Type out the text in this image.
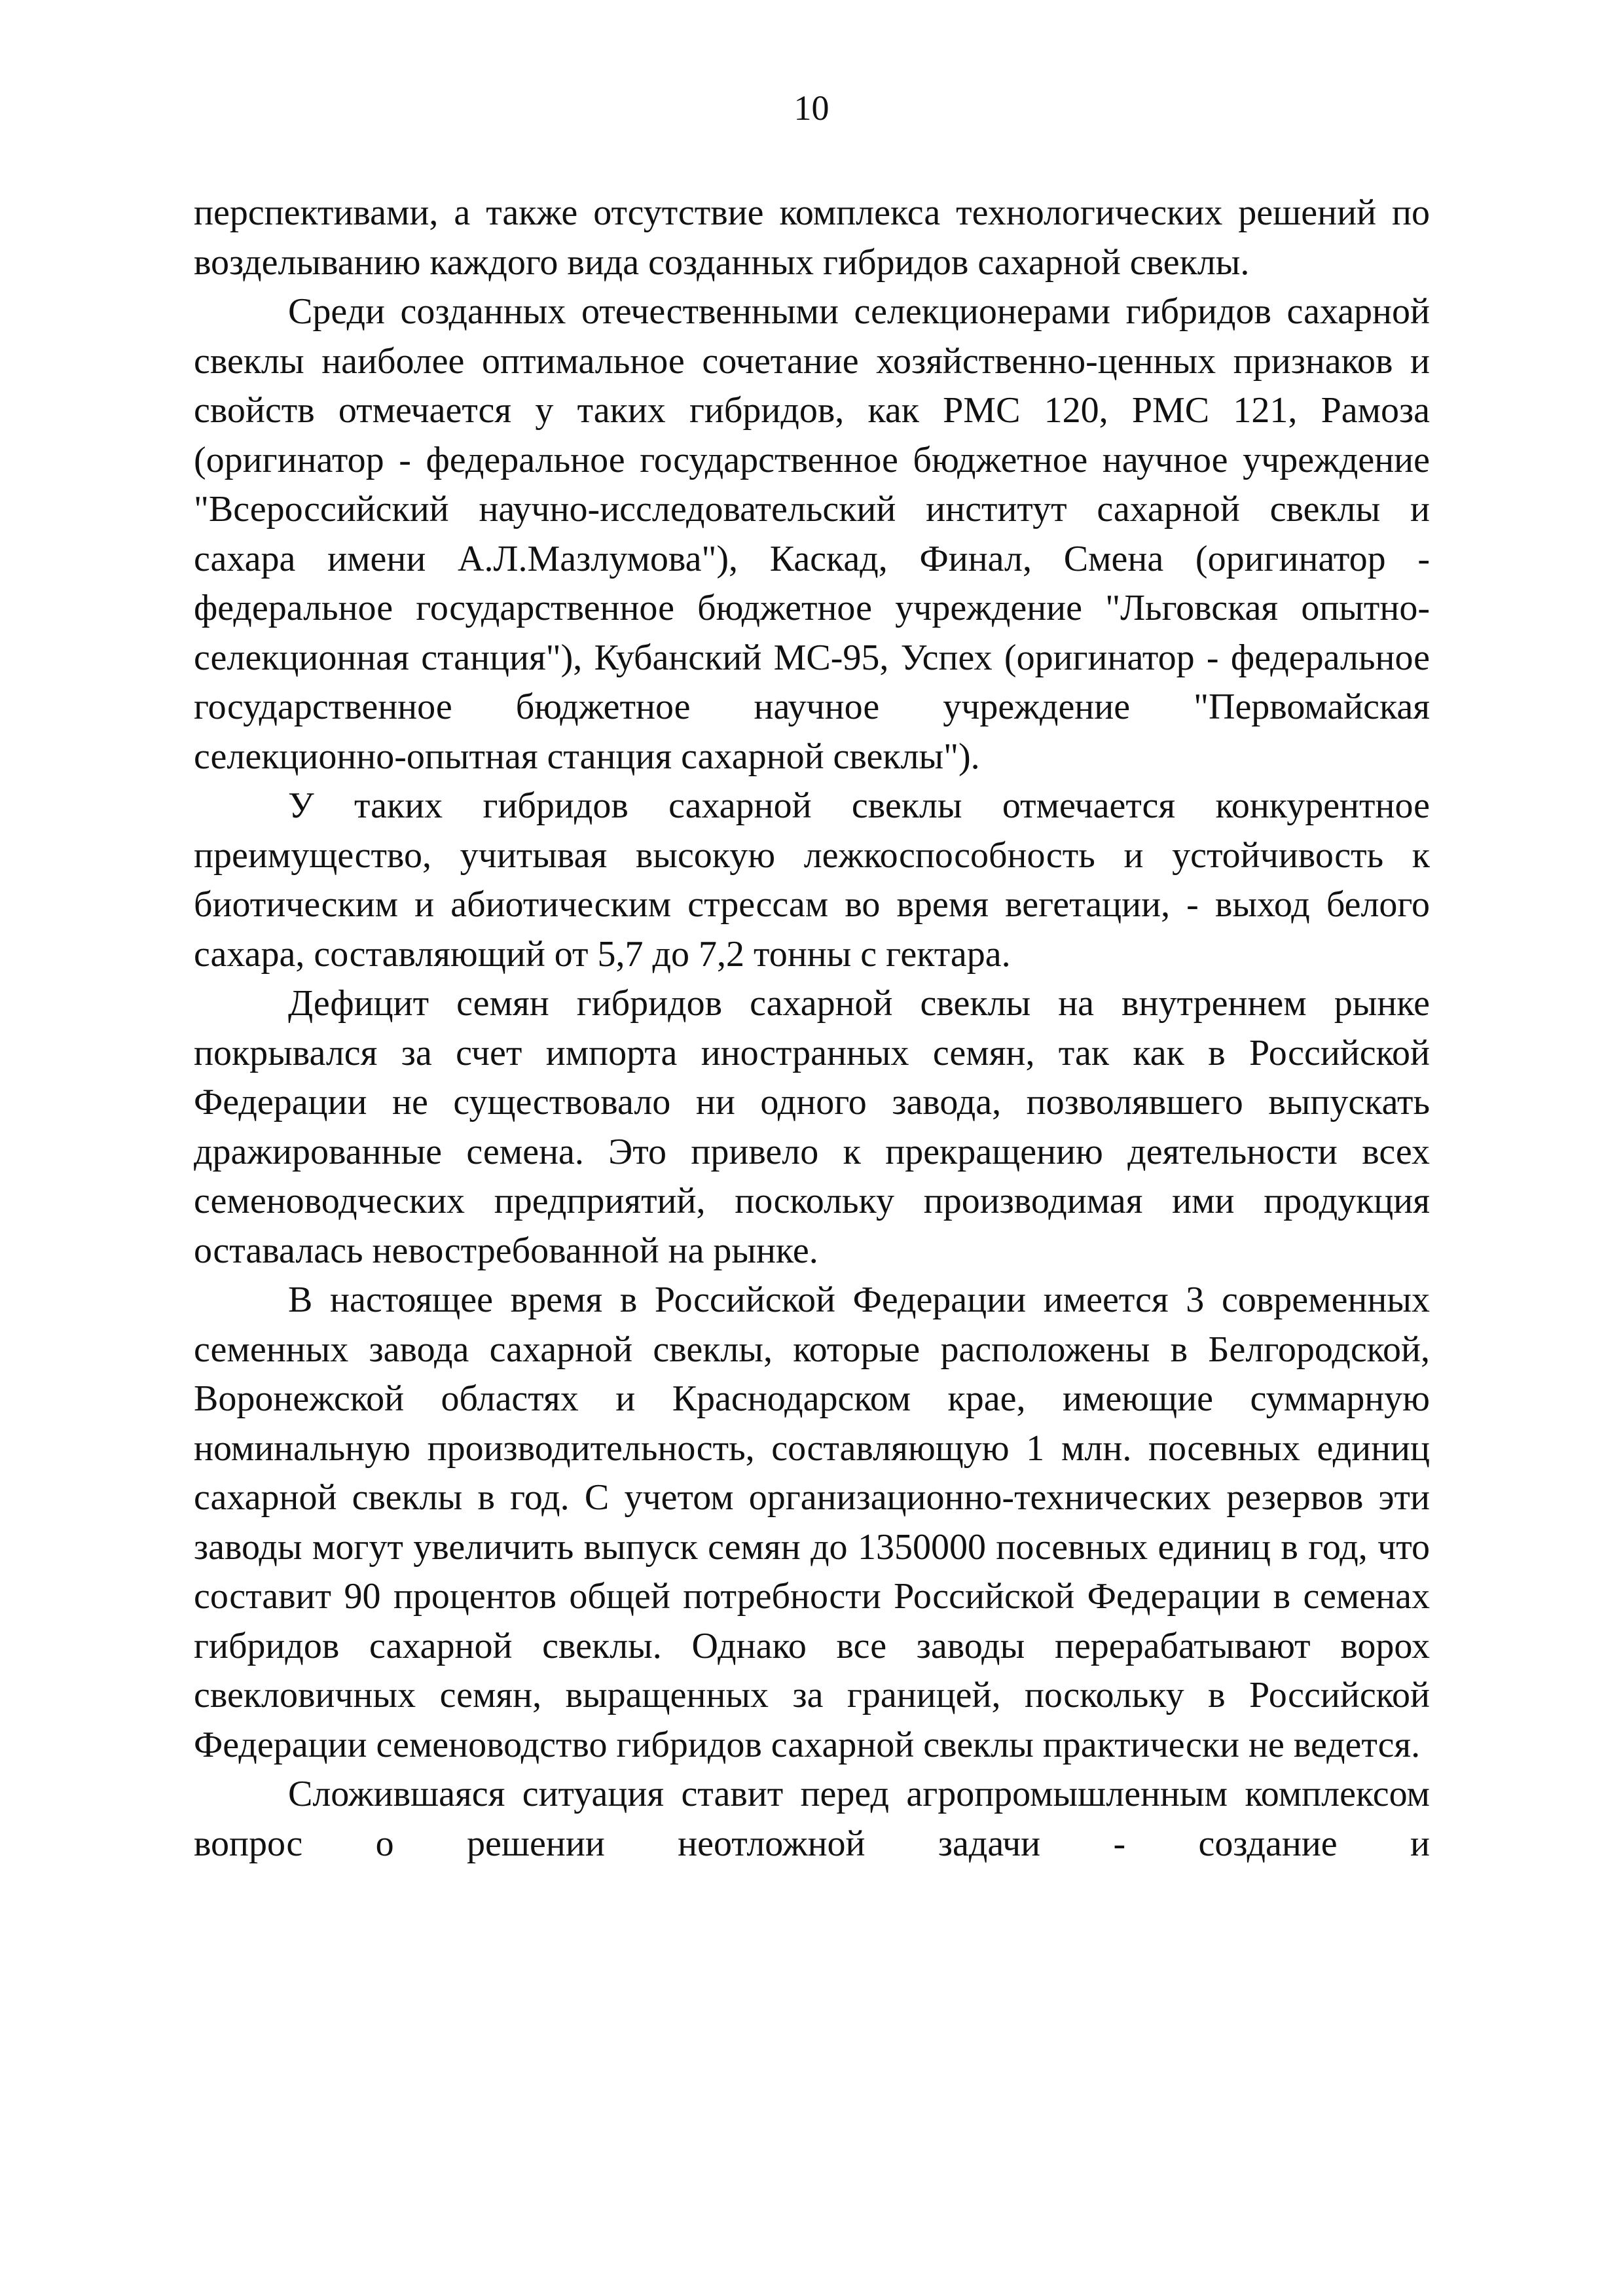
10

перспективами, а также отсутствие комплекса технологических решений по возделыванию каждого вида созданных гибридов сахарной свеклы.

Среди созданных отечественными селекционерами гибридов сахарной свеклы наиболее оптимальное сочетание хозяйственно-ценных признаков и свойств отмечается у таких гибридов, как РМС 120, РМС 121, Рамоза (оригинатор - федеральное государственное бюджетное научное учреждение "Всероссийский научно-исследовательский институт сахарной свеклы и сахара имени А.Л.Мазлумова"), Каскад, Финал, Смена (оригинатор - федеральное государственное бюджетное учреждение "Льговская опытно-селекционная станция"), Кубанский МС-95, Успех (оригинатор - федеральное государственное бюджетное научное учреждение "Первомайская селекционно-опытная станция сахарной свеклы").

У таких гибридов сахарной свеклы отмечается конкурентное преимущество, учитывая высокую лежкоспособность и устойчивость к биотическим и абиотическим стрессам во время вегетации, - выход белого сахара, составляющий от 5,7 до 7,2 тонны с гектара.

Дефицит семян гибридов сахарной свеклы на внутреннем рынке покрывался за счет импорта иностранных семян, так как в Российской Федерации не существовало ни одного завода, позволявшего выпускать дражированные семена. Это привело к прекращению деятельности всех семеноводческих предприятий, поскольку производимая ими продукция оставалась невостребованной на рынке.

В настоящее время в Российской Федерации имеется 3 современных семенных завода сахарной свеклы, которые расположены в Белгородской, Воронежской областях и Краснодарском крае, имеющие суммарную номинальную производительность, составляющую 1 млн. посевных единиц сахарной свеклы в год. С учетом организационно-технических резервов эти заводы могут увеличить выпуск семян до 1350000 посевных единиц в год, что составит 90 процентов общей потребности Российской Федерации в семенах гибридов сахарной свеклы. Однако все заводы перерабатывают ворох свекловичных семян, выращенных за границей, поскольку в Российской Федерации семеноводство гибридов сахарной свеклы практически не ведется.

Сложившаяся ситуация ставит перед агропромышленным комплексом вопрос о решении неотложной задачи - создание и
